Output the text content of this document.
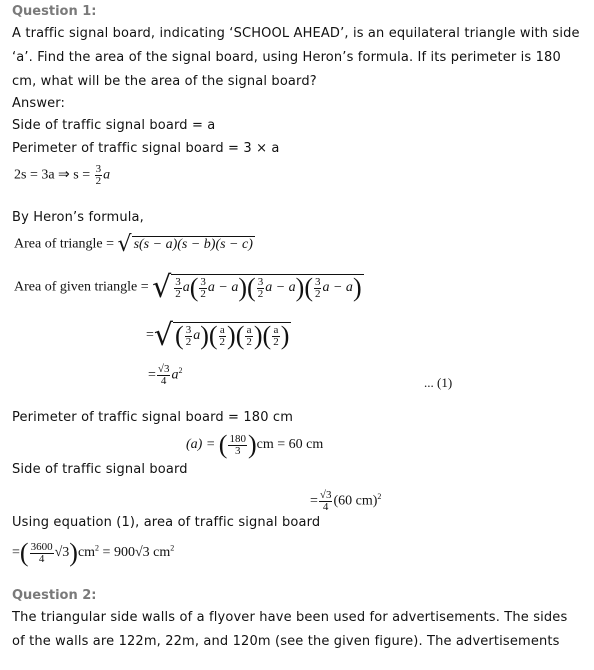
Question 1:
A traffic signal board, indicating ‘SCHOOL AHEAD’, is an equilateral triangle with side
‘a’. Find the area of the signal board, using Heron’s formula. If its perimeter is 180
cm, what will be the area of the signal board?
Answer:
Side of traffic signal board = a
Perimeter of traffic signal board = 3 × a
2s = 3a ⇒ $s = \frac{3}{2}$ a
By Heron’s formula,
Area of triangle = √ s(s − a)(s − b)(s − c)
Area of given triangle = √ $\frac{3}{2} a( \frac{3}{2}$ $a - a)( \frac{3}{2}$ $a - a)( \frac{3}{2}$ a − a)
=√( $\frac{3}{2} a)( \frac{a}{2}$ )( $\frac{a}{2}$ )( $\frac{a}{2}$ )
= $\frac{√3}{4} a^2$
... (1)
Perimeter of traffic signal board = 180 cm
(a) = ( $\frac{180}{3} )cm = 60$ cm
Side of traffic signal board
= $\frac{√3}{4} (60$ cm)$^2$
Using equation (1), area of traffic signal board
=( $\frac{3600}{4} √3)cm^2 = 900√3$ $cm^2$
Question 2:
The triangular side walls of a flyover have been used for advertisements. The sides
of the walls are 122m, 22m, and 120m (see the given figure). The advertisements
